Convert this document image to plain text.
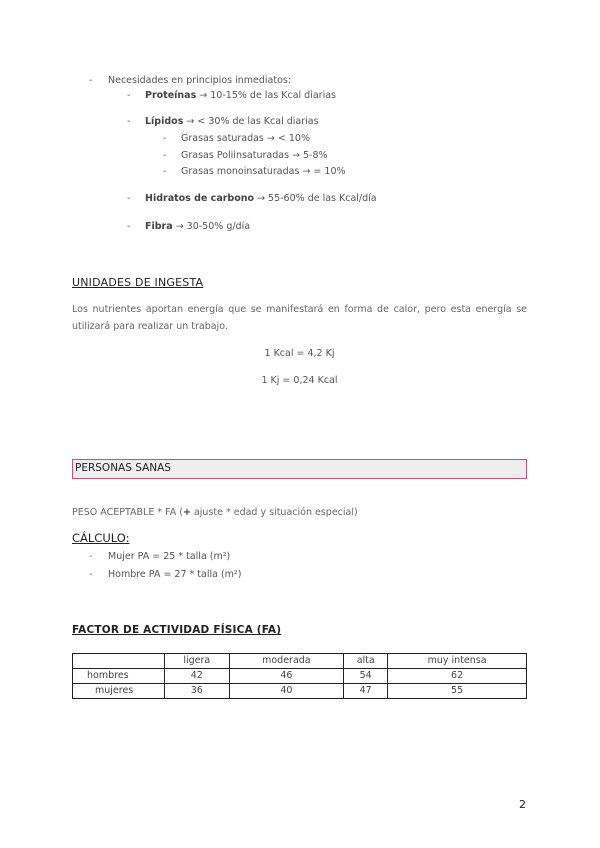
- Necesidades en principios inmediatos:
- Proteínas → 10-15% de las Kcal diarias
- Lípidos → < 30% de las Kcal diarias
- Grasas saturadas → < 10%
- Grasas Poliinsaturadas → 5-8%
- Grasas monoinsaturadas → = 10%
- Hidratos de carbono → 55-60% de las Kcal/día
- Fibra → 30-50% g/día
UNIDADES DE INGESTA

Los nutrientes aportan energía que se manifestará en forma de calor, pero esta energía se utilizará para realizar un trabajo.

1 Kcal = 4,2 Kj
1 Kj = 0,24 Kcal
PERSONAS SANAS
PESO ACEPTABLE * FA (+ ajuste * edad y situación especial)
CÁLCULO:
- Mujer PA = 25 * talla (m²)
- Hombre PA = 27 * talla (m²)
FACTOR DE ACTIVIDAD FÍSICA (FA)
	ligera	moderada	alta	muy intensa
hombres	42	46	54	62
mujeres	36	40	47	55
2
